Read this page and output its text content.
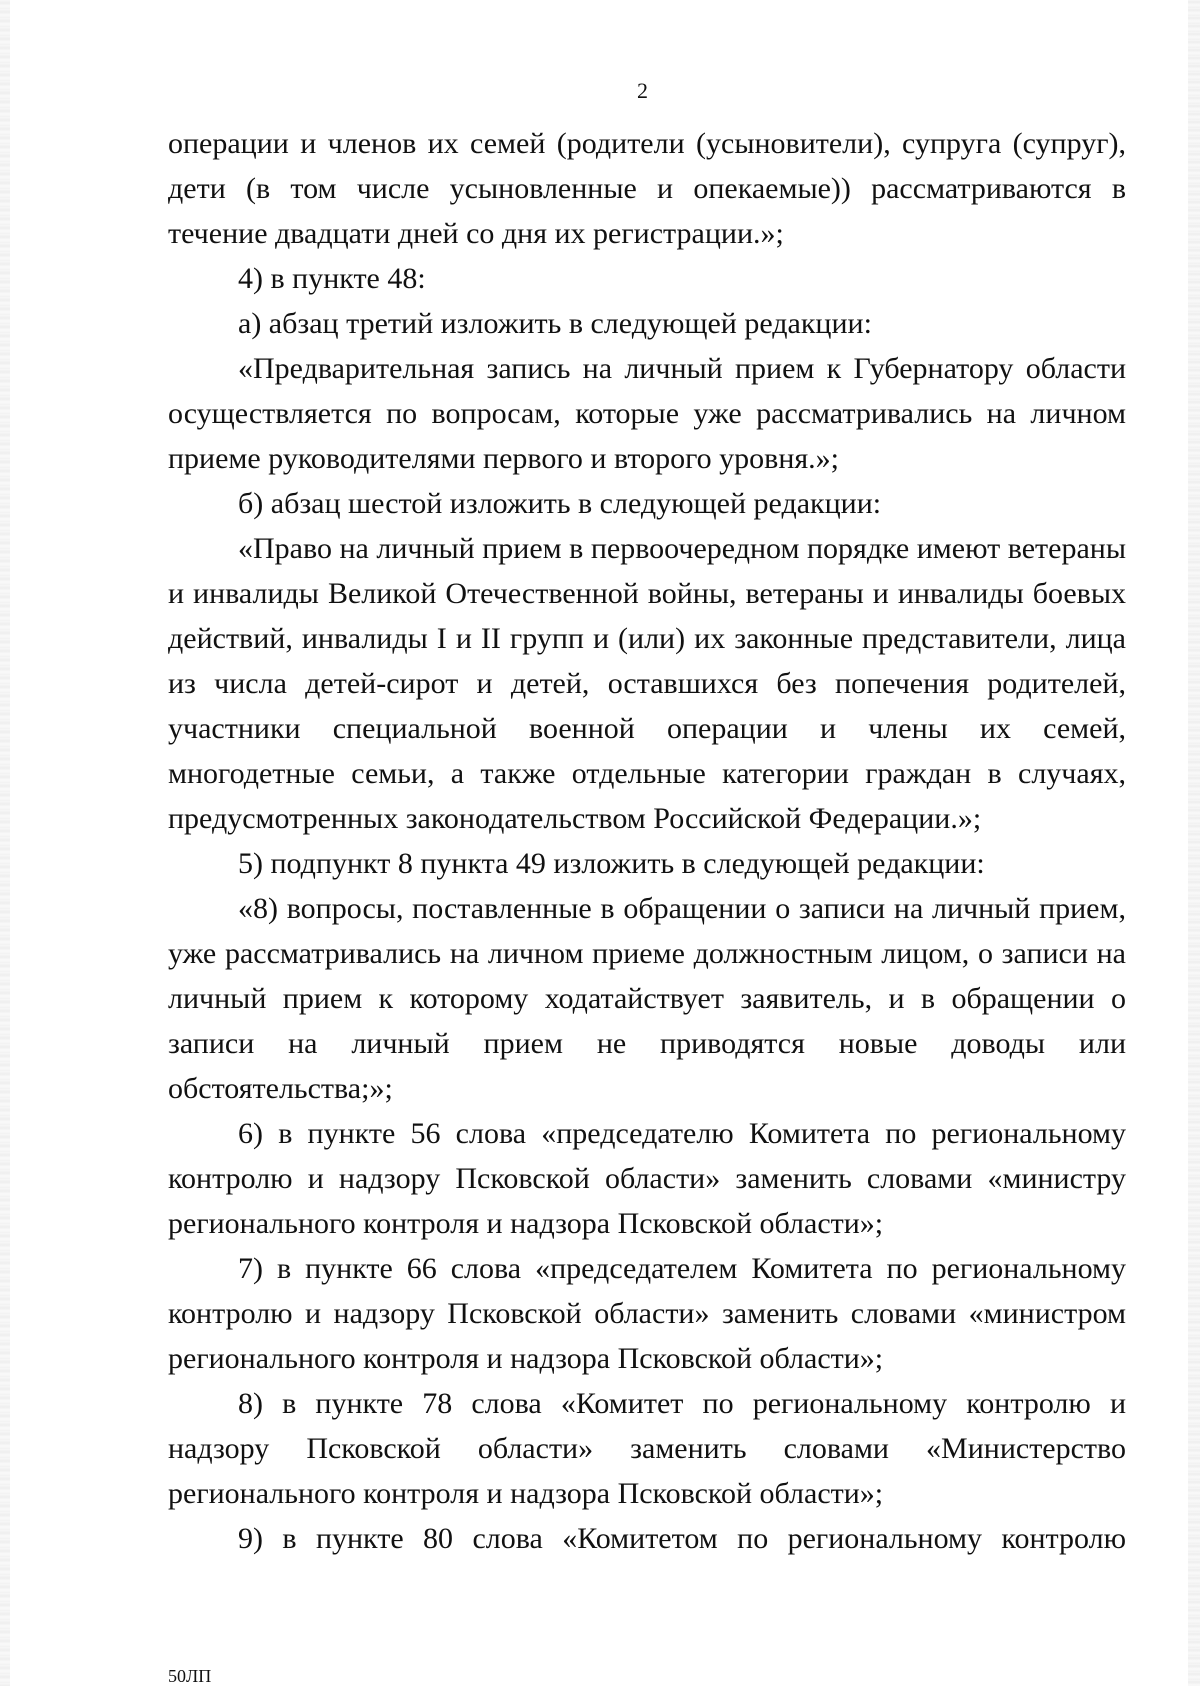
2

операции и членов их семей (родители (усыновители), супруга (супруг), дети (в том числе усыновленные и опекаемые)) рассматриваются в течение двадцати дней со дня их регистрации.»;

4) в пункте 48:

а) абзац третий изложить в следующей редакции:

«Предварительная запись на личный прием к Губернатору области осуществляется по вопросам, которые уже рассматривались на личном приеме руководителями первого и второго уровня.»;

б) абзац шестой изложить в следующей редакции:

«Право на личный прием в первоочередном порядке имеют ветераны и инвалиды Великой Отечественной войны, ветераны и инвалиды боевых действий, инвалиды I и II групп и (или) их законные представители, лица из числа детей-сирот и детей, оставшихся без попечения родителей, участники специальной военной операции и члены их семей, многодетные семьи, а также отдельные категории граждан в случаях, предусмотренных законодательством Российской Федерации.»;

5) подпункт 8 пункта 49 изложить в следующей редакции:

«8) вопросы, поставленные в обращении о записи на личный прием, уже рассматривались на личном приеме должностным лицом, о записи на личный прием к которому ходатайствует заявитель, и в обращении о записи на личный прием не приводятся новые доводы или обстоятельства;»;

6) в пункте 56 слова «председателю Комитета по региональному контролю и надзору Псковской области» заменить словами «министру регионального контроля и надзора Псковской области»;

7) в пункте 66 слова «председателем Комитета по региональному контролю и надзору Псковской области» заменить словами «министром регионального контроля и надзора Псковской области»;

8) в пункте 78 слова «Комитет по региональному контролю и надзору Псковской области» заменить словами «Министерство регионального контроля и надзора Псковской области»;

9) в пункте 80 слова «Комитетом по региональному контролю

50ЛП
